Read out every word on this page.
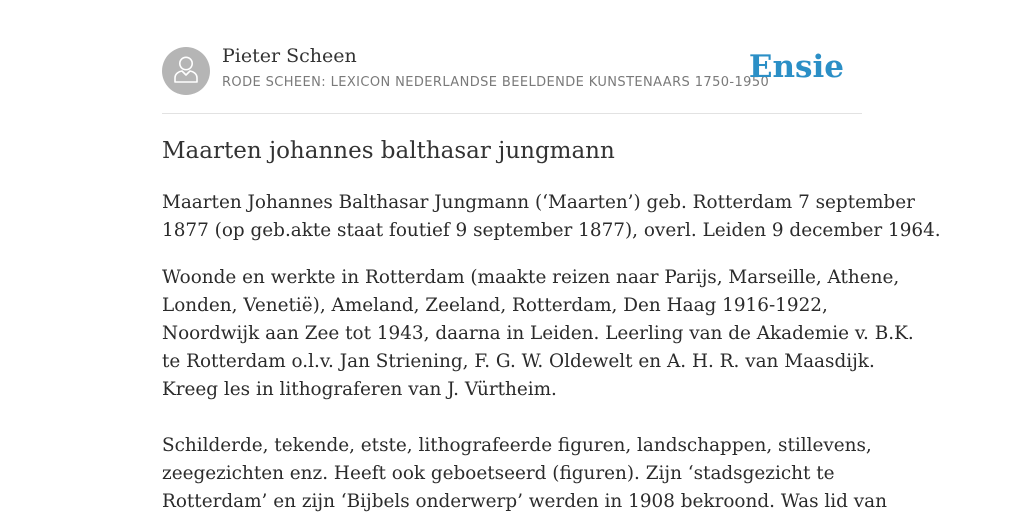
Pieter Scheen
RODE SCHEEN: LEXICON NEDERLANDSE BEELDENDE KUNSTENAARS 1750-1950
Ensie
Maarten johannes balthasar jungmann

Maarten Johannes Balthasar Jungmann (‘Maarten’) geb. Rotterdam 7 september
1877 (op geb.akte staat foutief 9 september 1877), overl. Leiden 9 december 1964.

Woonde en werkte in Rotterdam (maakte reizen naar Parijs, Marseille, Athene,
Londen, Venetië), Ameland, Zeeland, Rotterdam, Den Haag 1916-1922,
Noordwijk aan Zee tot 1943, daarna in Leiden. Leerling van de Akademie v. B.K.
te Rotterdam o.l.v. Jan Striening, F. G. W. Oldewelt en A. H. R. van Maasdijk.
Kreeg les in lithograferen van J. Vürtheim.

Schilderde, tekende, etste, lithografeerde figuren, landschappen, stillevens,
zeegezichten enz. Heeft ook geboetseerd (figuren). Zijn ‘stadsgezicht te
Rotterdam’ en zijn ‘Bijbels onderwerp’ werden in 1908 bekroond. Was lid van
